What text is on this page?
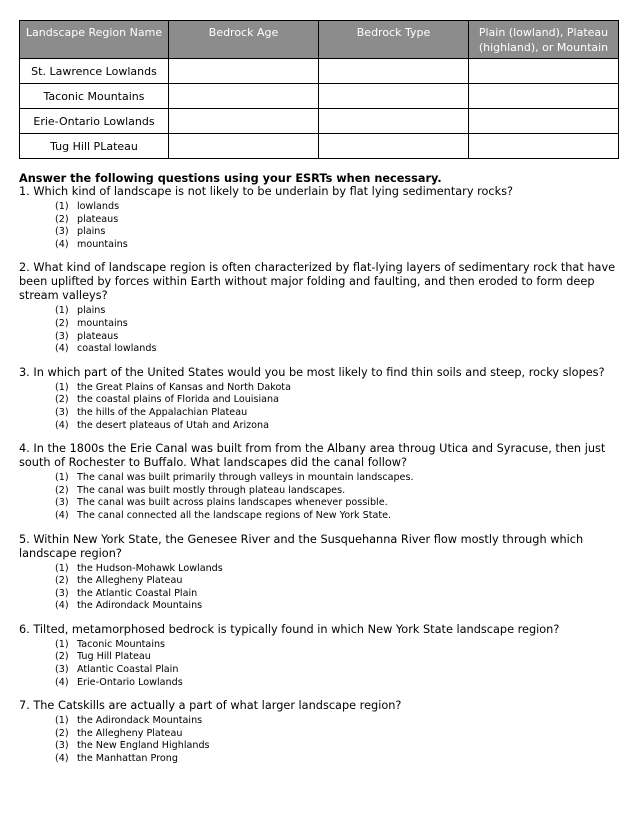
Landscape Region Name	Bedrock Age	Bedrock Type	Plain (lowland), Plateau (highland), or Mountain

St. Lawrence Lowlands			
Taconic Mountains			
Erie-Ontario Lowlands			
Tug Hill PLateau			
Answer the following questions using your ESRTs when necessary.
1. Which kind of landscape is not likely to be underlain by flat lying sedimentary rocks?
(1) lowlands
(2) plateaus
(3) plains
(4) mountains
2. What kind of landscape region is often characterized by flat-lying layers of sedimentary rock that have been uplifted by forces within Earth without major folding and faulting, and then eroded to form deep stream valleys?
(1) plains
(2) mountains
(3) plateaus
(4) coastal lowlands
3. In which part of the United States would you be most likely to find thin soils and steep, rocky slopes?
(1) the Great Plains of Kansas and North Dakota
(2) the coastal plains of Florida and Louisiana
(3) the hills of the Appalachian Plateau
(4) the desert plateaus of Utah and Arizona
4. In the 1800s the Erie Canal was built from from the Albany area throug Utica and Syracuse, then just south of Rochester to Buffalo. What landscapes did the canal follow?
(1) The canal was built primarily through valleys in mountain landscapes.
(2) The canal was built mostly through plateau landscapes.
(3) The canal was built across plains landscapes whenever possible.
(4) The canal connected all the landscape regions of New York State.
5. Within New York State, the Genesee River and the Susquehanna River flow mostly through which landscape region?
(1) the Hudson-Mohawk Lowlands
(2) the Allegheny Plateau
(3) the Atlantic Coastal Plain
(4) the Adirondack Mountains
6. Tilted, metamorphosed bedrock is typically found in which New York State landscape region?
(1) Taconic Mountains
(2) Tug Hill Plateau
(3) Atlantic Coastal Plain
(4) Erie-Ontario Lowlands
7. The Catskills are actually a part of what larger landscape region?
(1) the Adirondack Mountains
(2) the Allegheny Plateau
(3) the New England Highlands
(4) the Manhattan Prong
